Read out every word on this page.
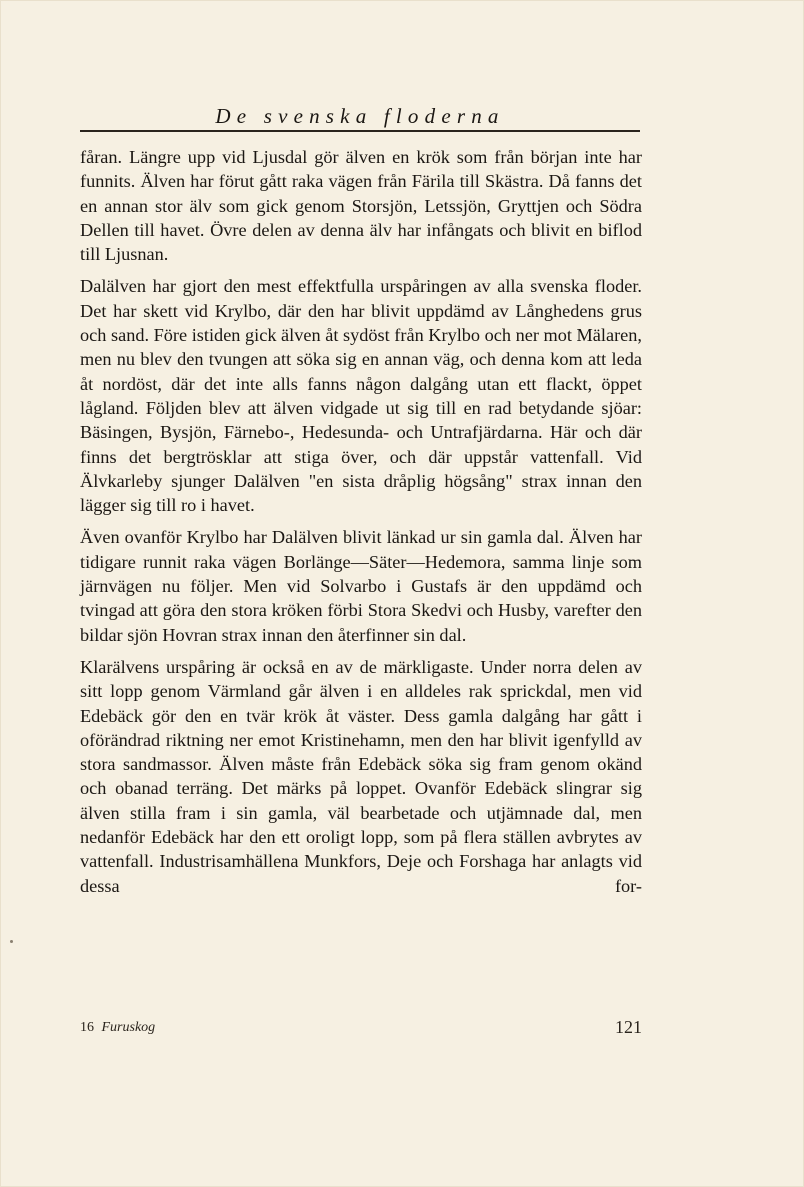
De svenska floderna

fåran. Längre upp vid Ljusdal gör älven en krök som från början inte har funnits. Älven har förut gått raka vägen från Färila till Skästra. Då fanns det en annan stor älv som gick genom Storsjön, Letssjön, Gryttjen och Södra Dellen till havet. Övre delen av denna älv har infångats och blivit en biflod till Ljusnan.

Dalälven har gjort den mest effektfulla urspåringen av alla svenska floder. Det har skett vid Krylbo, där den har blivit uppdämd av Långhedens grus och sand. Före istiden gick älven åt sydöst från Krylbo och ner mot Mälaren, men nu blev den tvungen att söka sig en annan väg, och denna kom att leda åt nordöst, där det inte alls fanns någon dalgång utan ett flackt, öppet lågland. Följden blev att älven vidgade ut sig till en rad betydande sjöar: Bäsingen, Bysjön, Färnebo-, Hedesunda- och Untrafjärdarna. Här och där finns det bergtrösklar att stiga över, och där uppstår vattenfall. Vid Älvkarleby sjunger Dalälven "en sista dråplig högsång" strax innan den lägger sig till ro i havet.

Även ovanför Krylbo har Dalälven blivit länkad ur sin gamla dal. Älven har tidigare runnit raka vägen Borlänge—Säter—Hedemora, samma linje som järnvägen nu följer. Men vid Solvarbo i Gustafs är den uppdämd och tvingad att göra den stora kröken förbi Stora Skedvi och Husby, varefter den bildar sjön Hovran strax innan den återfinner sin dal.

Klarälvens urspåring är också en av de märkligaste. Under norra delen av sitt lopp genom Värmland går älven i en alldeles rak sprickdal, men vid Edebäck gör den en tvär krök åt väster. Dess gamla dalgång har gått i oförändrad riktning ner emot Kristinehamn, men den har blivit igenfylld av stora sandmassor. Älven måste från Edebäck söka sig fram genom okänd och obanad terräng. Det märks på loppet. Ovanför Edebäck slingrar sig älven stilla fram i sin gamla, väl bearbetade och utjämnade dal, men nedanför Edebäck har den ett oroligt lopp, som på flera ställen avbrytes av vattenfall. Industrisamhällena Munkfors, Deje och Forshaga har anlagts vid dessa for-

16 Furuskog	121
